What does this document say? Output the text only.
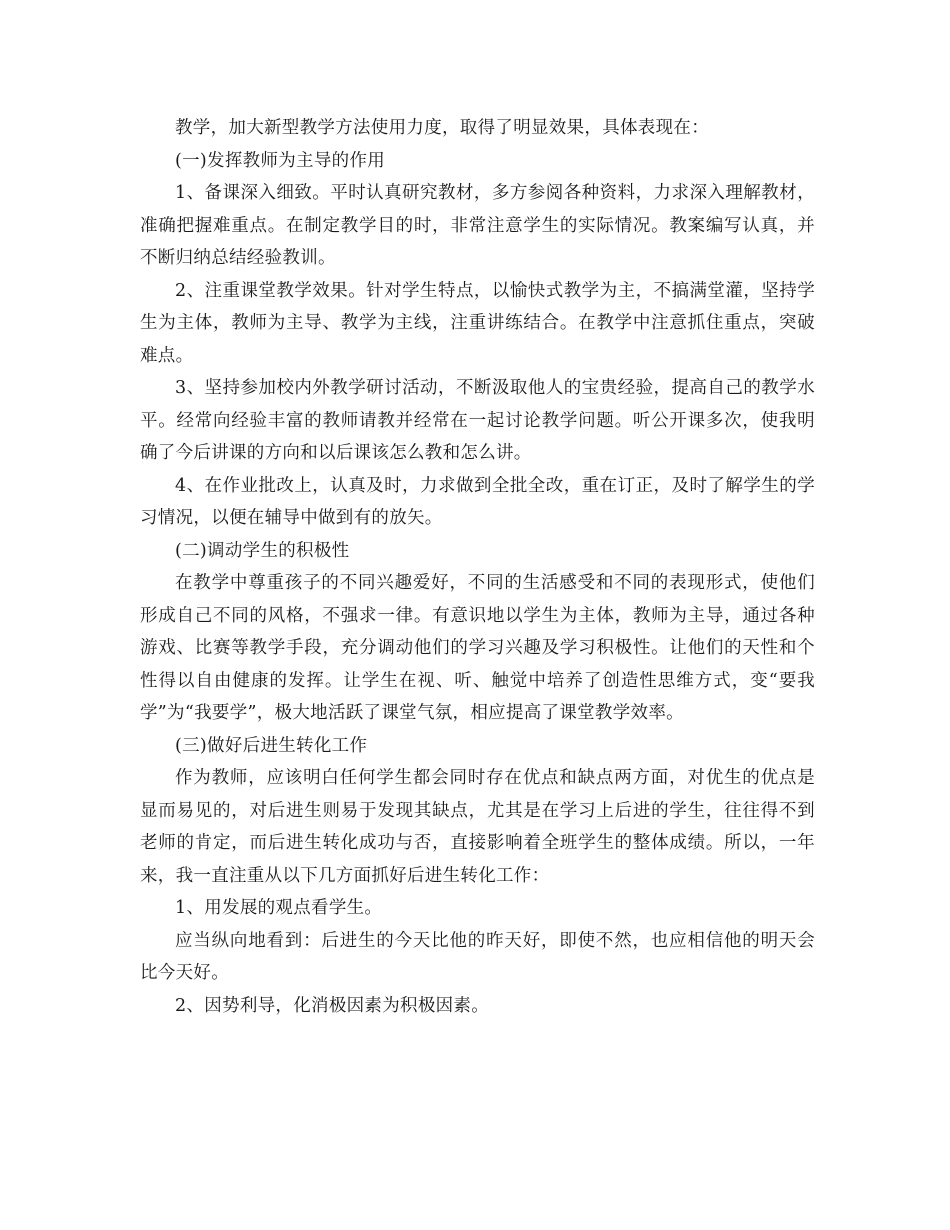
教学，加大新型教学方法使用力度，取得了明显效果，具体表现在：

(一)发挥教师为主导的作用

1、备课深入细致。平时认真研究教材，多方参阅各种资料，力求深入理解教材，准确把握难重点。在制定教学目的时，非常注意学生的实际情况。教案编写认真，并不断归纳总结经验教训。

2、注重课堂教学效果。针对学生特点，以愉快式教学为主，不搞满堂灌，坚持学生为主体，教师为主导、教学为主线，注重讲练结合。在教学中注意抓住重点，突破难点。

3、坚持参加校内外教学研讨活动，不断汲取他人的宝贵经验，提高自己的教学水平。经常向经验丰富的教师请教并经常在一起讨论教学问题。听公开课多次，使我明确了今后讲课的方向和以后课该怎么教和怎么讲。

4、在作业批改上，认真及时，力求做到全批全改，重在订正，及时了解学生的学习情况，以便在辅导中做到有的放矢。

(二)调动学生的积极性

在教学中尊重孩子的不同兴趣爱好，不同的生活感受和不同的表现形式，使他们形成自己不同的风格，不强求一律。有意识地以学生为主体，教师为主导，通过各种游戏、比赛等教学手段，充分调动他们的学习兴趣及学习积极性。让他们的天性和个性得以自由健康的发挥。让学生在视、听、触觉中培养了创造性思维方式，变“要我学”为“我要学”，极大地活跃了课堂气氛，相应提高了课堂教学效率。

(三)做好后进生转化工作

作为教师，应该明白任何学生都会同时存在优点和缺点两方面，对优生的优点是显而易见的，对后进生则易于发现其缺点，尤其是在学习上后进的学生，往往得不到老师的肯定，而后进生转化成功与否，直接影响着全班学生的整体成绩。所以，一年来，我一直注重从以下几方面抓好后进生转化工作：

1、用发展的观点看学生。

应当纵向地看到：后进生的今天比他的昨天好，即使不然，也应相信他的明天会比今天好。

2、因势利导，化消极因素为积极因素。
